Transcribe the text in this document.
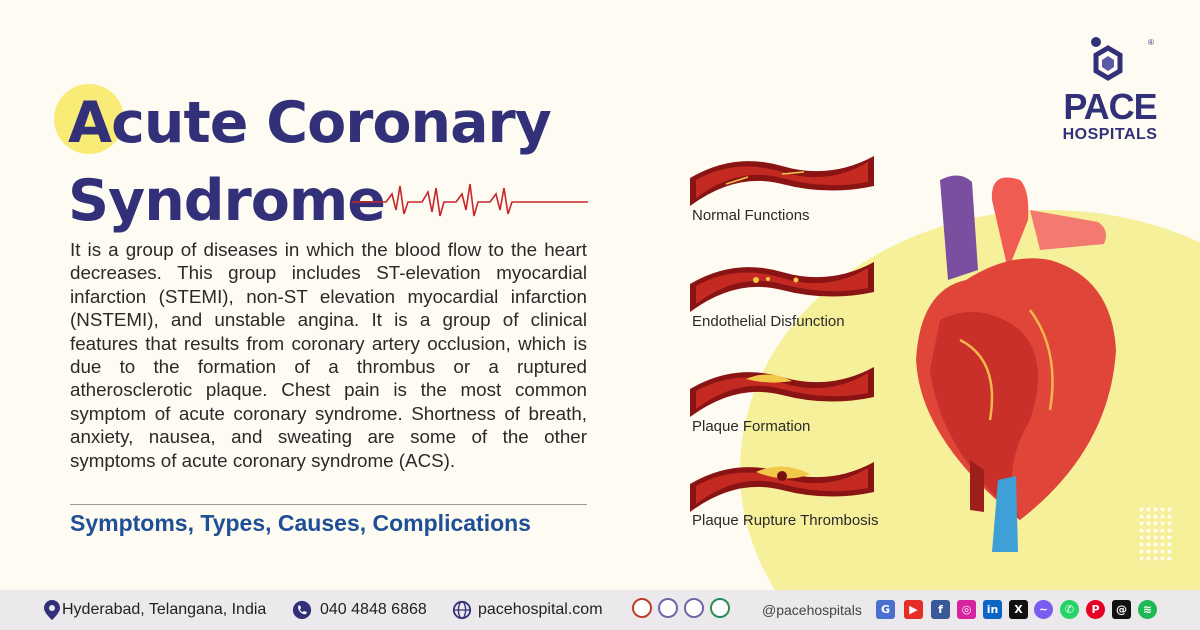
Acute Coronary
Syndrome

It is a group of diseases in which the blood flow to the heart decreases. This group includes ST-elevation myocardial infarction (STEMI), non-ST elevation myocardial infarction (NSTEMI), and unstable angina. It is a group of clinical features that results from coronary artery occlusion, which is due to the formation of a thrombus or a ruptured atherosclerotic plaque. Chest pain is the most common symptom of acute coronary syndrome. Shortness of breath, anxiety, nausea, and sweating are some of the other symptoms of acute coronary syndrome (ACS).

Symptoms, Types, Causes, Complications
®
PACE
HOSPITALS
Normal Functions
Endothelial Disfunction
Plaque Formation
Plaque Rupture Thrombosis
Hyderabad, Telangana, India	040 4848 6868	pacehospital.com	@pacehospitals	G	▶	f	◎	in	X	~	✆	P	@	≋
